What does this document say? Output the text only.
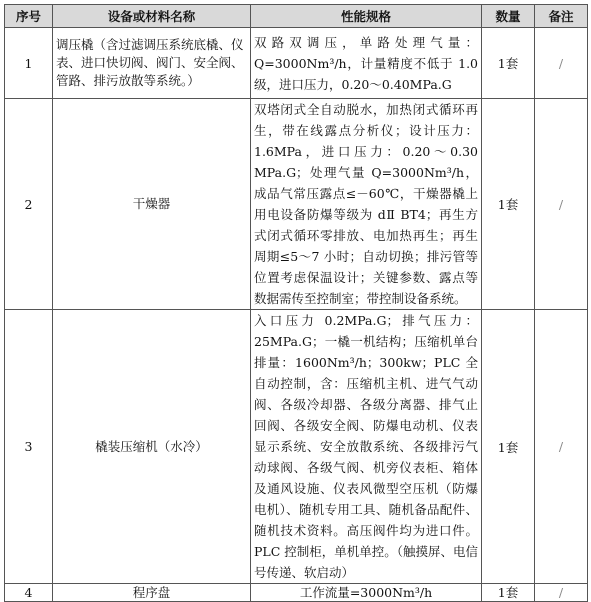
序号	设备或材料名称	性能规格	数量	备注
1	调压橇（含过滤调压系统底橇、仪表、进口快切阀、阀门、安全阀、管路、排污放散等系统。）	双路双调压，单路处理气量：Q=3000Nm³/h，计量精度不低于 1.0 级，进口压力，0.20～0.40MPa.G	1套	/
2	干燥器	双塔闭式全自动脱水，加热闭式循环再生，带在线露点分析仪；设计压力：1.6MPa，进口压力：0.20～0.30 MPa.G；处理气量 Q=3000Nm³/h，成品气常压露点≤－60℃，干燥器橇上用电设备防爆等级为 dⅡ BT4；再生方式闭式循环零排放、电加热再生；再生周期≤5～7 小时；自动切换；排污管等位置考虑保温设计；关键参数、露点等数据需传至控制室；带控制设备系统。	1套	/
3	橇装压缩机（水冷）	入口压力 0.2MPa.G；排气压力：25MPa.G；一橇一机结构；压缩机单台排量：1600Nm³/h；300kw；PLC 全自动控制，含：压缩机主机、进气气动阀、各级冷却器、各级分离器、排气止回阀、各级安全阀、防爆电动机、仪表显示系统、安全放散系统、各级排污气动球阀、各级气阀、机旁仪表柜、箱体及通风设施、仪表风微型空压机（防爆电机）、随机专用工具、随机备品配件、随机技术资料。高压阀件均为进口件。PLC 控制柜，单机单控。（触摸屏、电信号传递、软启动）	1套	/
4	程序盘	工作流量=3000Nm³/h	1套	/
